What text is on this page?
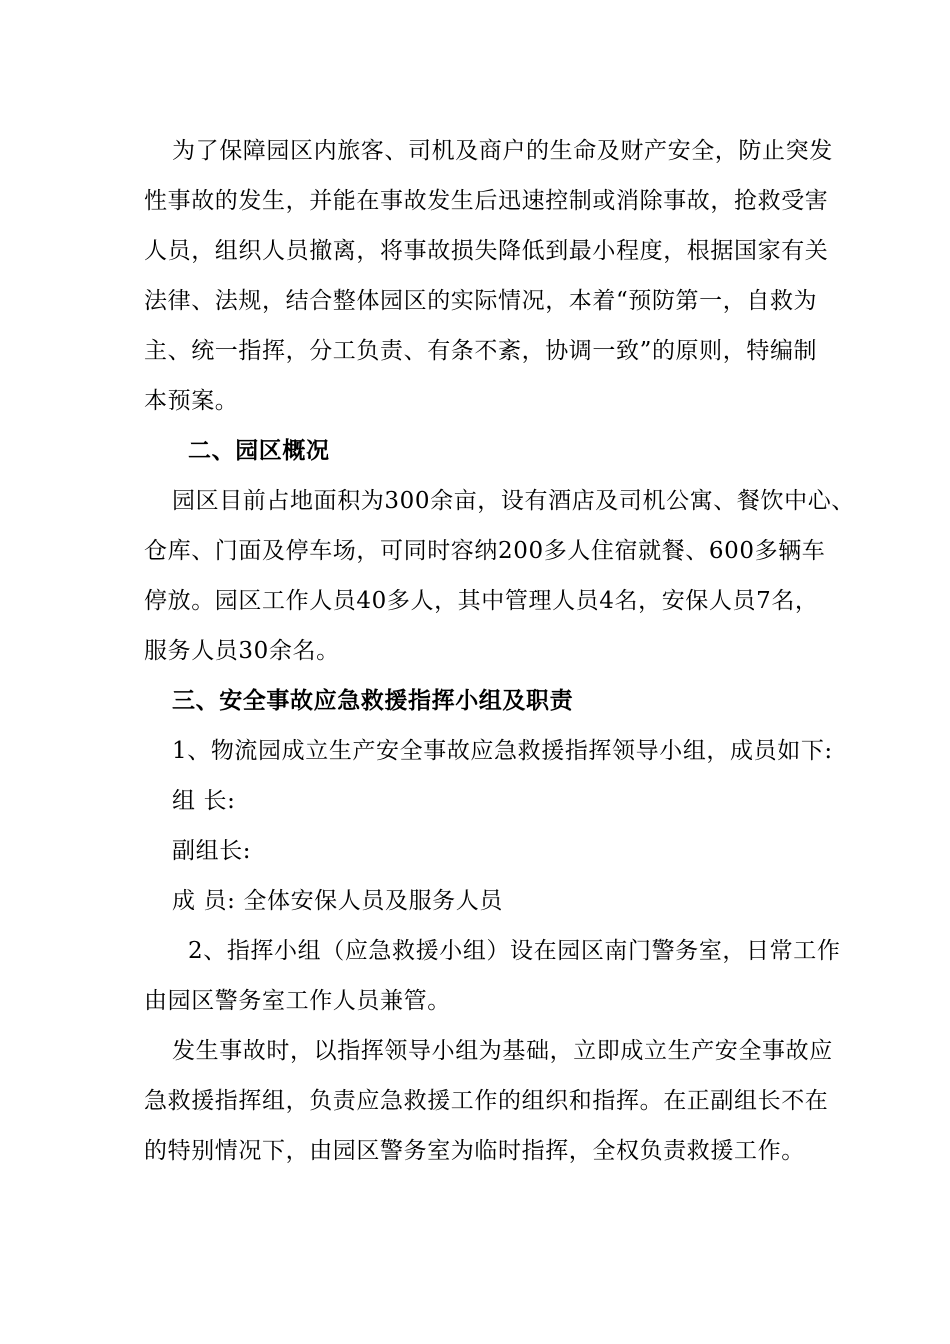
为了保障园区内旅客、司机及商户的生命及财产安全，防止突发

性事故的发生，并能在事故发生后迅速控制或消除事故，抢救受害

人员，组织人员撤离，将事故损失降低到最小程度，根据国家有关

法律、法规，结合整体园区的实际情况，本着“预防第一，自救为

主、统一指挥，分工负责、有条不紊，协调一致”的原则，特编制

本预案。

二、园区概况

园区目前占地面积为300余亩，设有酒店及司机公寓、餐饮中心、

仓库、门面及停车场，可同时容纳200多人住宿就餐、600多辆车

停放。园区工作人员40多人，其中管理人员4名，安保人员7名，

服务人员30余名。

三、安全事故应急救援指挥小组及职责

1、物流园成立生产安全事故应急救援指挥领导小组，成员如下:

组 长:

副组长:

成 员: 全体安保人员及服务人员

2、指挥小组（应急救援小组）设在园区南门警务室，日常工作

由园区警务室工作人员兼管。

发生事故时，以指挥领导小组为基础，立即成立生产安全事故应

急救援指挥组，负责应急救援工作的组织和指挥。在正副组长不在

的特别情况下，由园区警务室为临时指挥，全权负责救援工作。
